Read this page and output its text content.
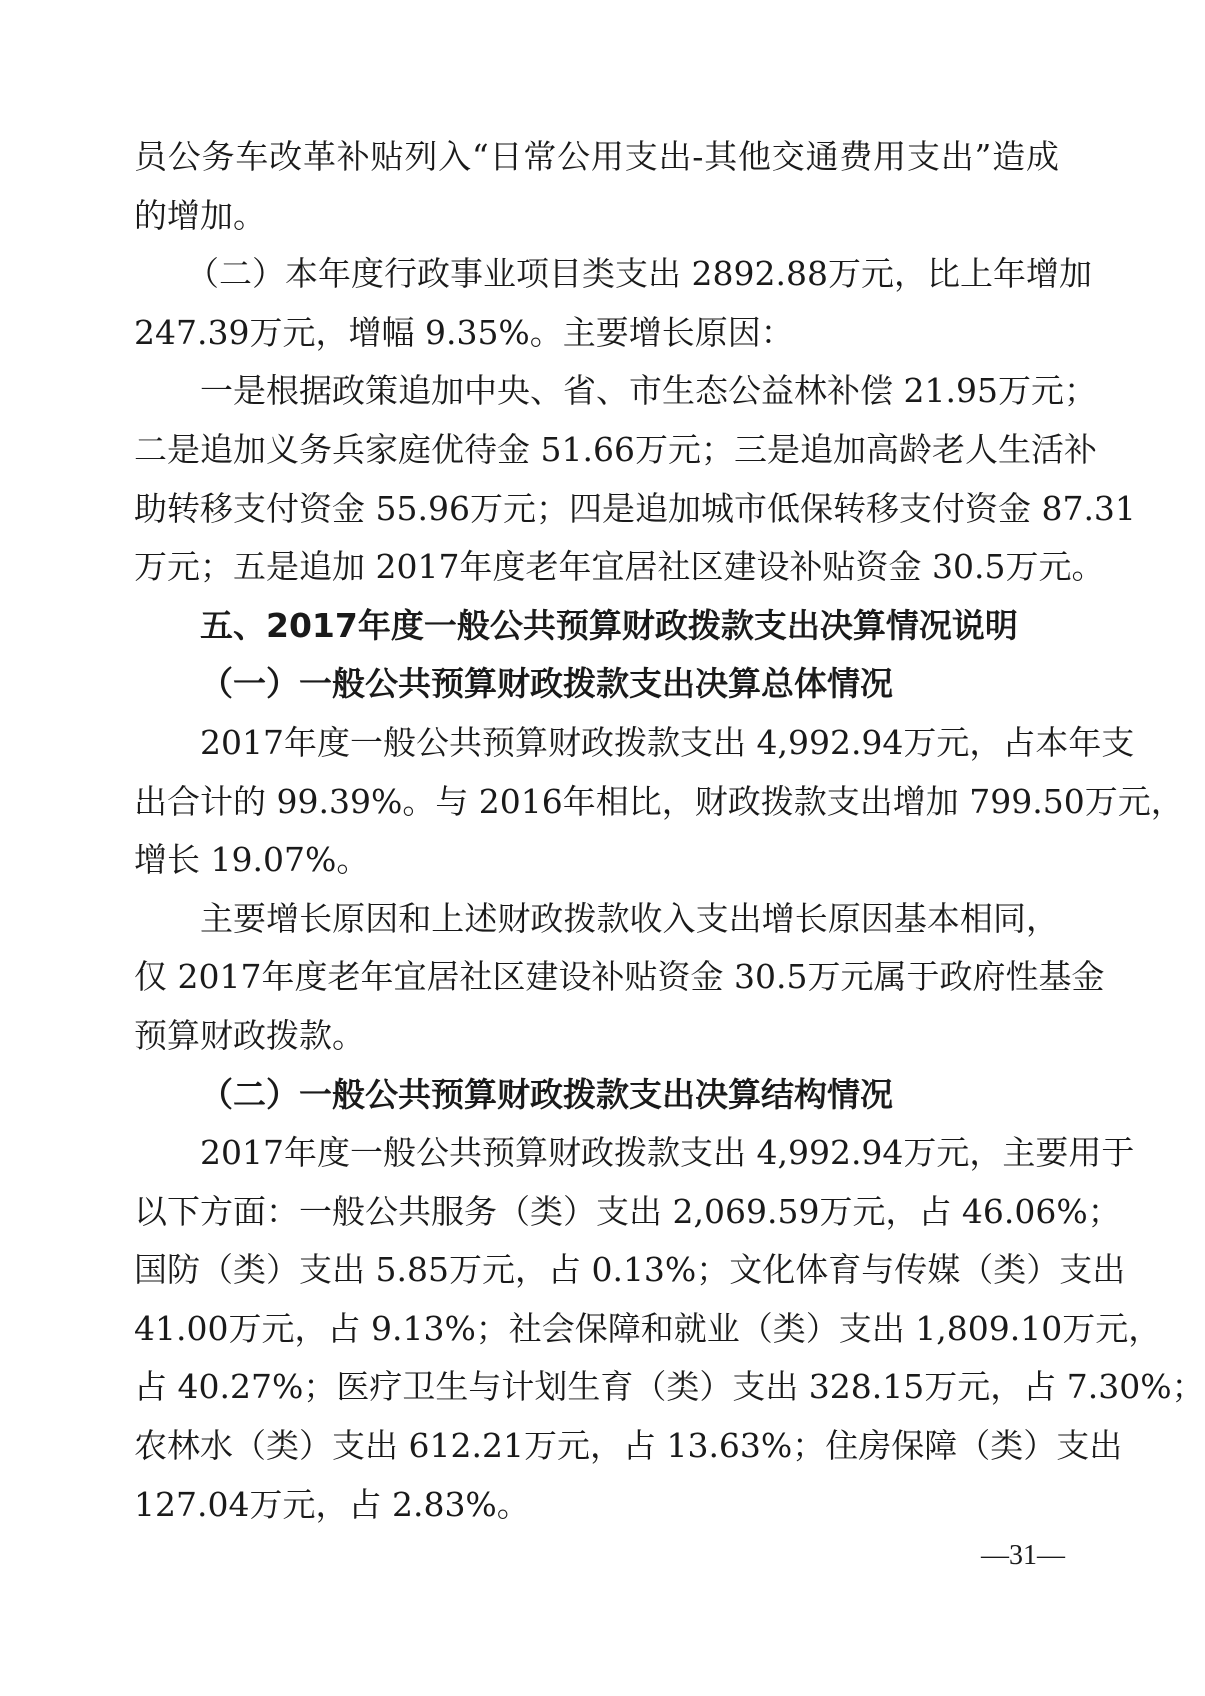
员公务车改革补贴列入“日常公用支出-其他交通费用支出”造成
的增加。
（二）本年度行政事业项目类支出 2892.88万元，比上年增加
247.39万元，增幅 9.35%。主要增长原因：
一是根据政策追加中央、省、市生态公益林补偿 21.95万元；
二是追加义务兵家庭优待金 51.66万元；三是追加高龄老人生活补
助转移支付资金 55.96万元；四是追加城市低保转移支付资金 87.31
万元；五是追加 2017年度老年宜居社区建设补贴资金 30.5万元。
五、2017年度一般公共预算财政拨款支出决算情况说明
（一）一般公共预算财政拨款支出决算总体情况
2017年度一般公共预算财政拨款支出 4,992.94万元，占本年支
出合计的 99.39%。与 2016年相比，财政拨款支出增加 799.50万元，
增长 19.07%。
主要增长原因和上述财政拨款收入支出增长原因基本相同，
仅 2017年度老年宜居社区建设补贴资金 30.5万元属于政府性基金
预算财政拨款。
（二）一般公共预算财政拨款支出决算结构情况
2017年度一般公共预算财政拨款支出 4,992.94万元，主要用于
以下方面：一般公共服务（类）支出 2,069.59万元，占 46.06%；
国防（类）支出 5.85万元，占 0.13%；文化体育与传媒（类）支出
41.00万元，占 9.13%；社会保障和就业（类）支出 1,809.10万元，
占 40.27%；医疗卫生与计划生育（类）支出 328.15万元，占 7.30%；
农林水（类）支出 612.21万元，占 13.63%；住房保障（类）支出
127.04万元，占 2.83%。
—31—
